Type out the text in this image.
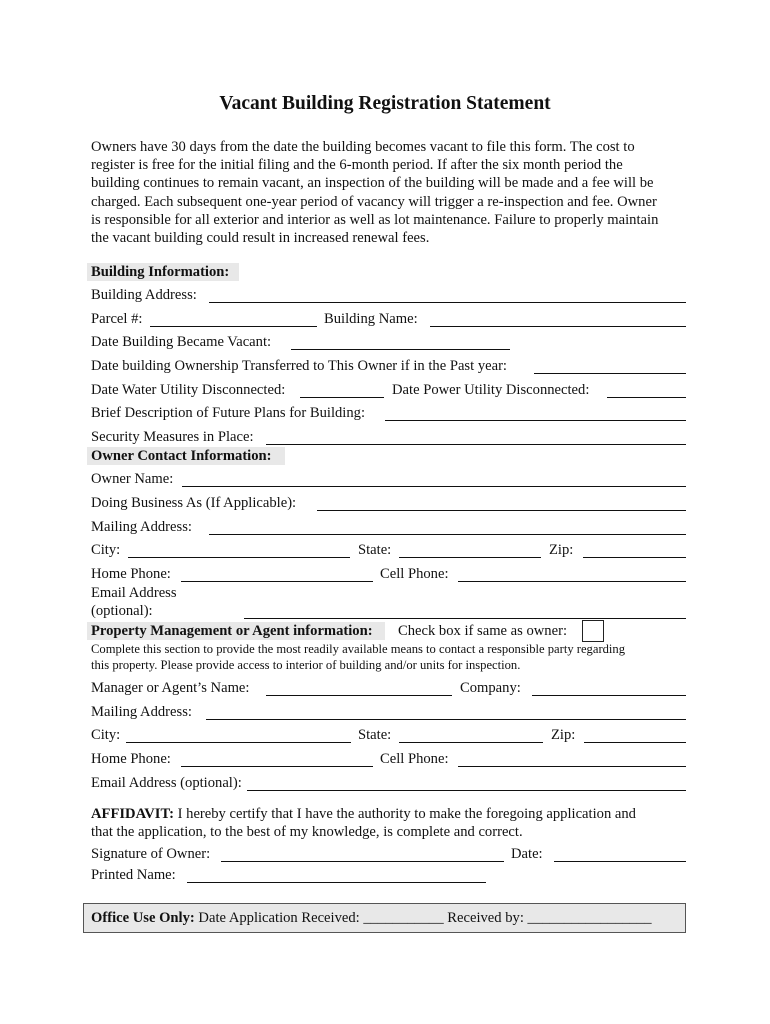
Vacant Building Registration Statement

Owners have 30 days from the date the building becomes vacant to file this form. The cost to

register is free for the initial filing and the 6-month period. If after the six month period the

building continues to remain vacant, an inspection of the building will be made and a fee will be

charged. Each subsequent one-year period of vacancy will trigger a re-inspection and fee. Owner

is responsible for all exterior and interior as well as lot maintenance. Failure to properly maintain

the vacant building could result in increased renewal fees.

Building Information:
Building Address:
Parcel #:	Building Name:
Date Building Became Vacant:
Date building Ownership Transferred to This Owner if in the Past year:
Date Water Utility Disconnected:	Date Power Utility Disconnected:
Brief Description of Future Plans for Building:
Security Measures in Place:
Owner Contact Information:
Owner Name:
Doing Business As (If Applicable):
Mailing Address:
City:	State:	Zip:
Home Phone:	Cell Phone:
Email Address
(optional):
Property Management or Agent information: Check box if same as owner:
Complete this section to provide the most readily available means to contact a responsible party regarding
this property. Please provide access to interior of building and/or units for inspection.
Manager or Agent’s Name:	Company:
Mailing Address:
City:	State:	Zip:
Home Phone:	Cell Phone:
Email Address (optional):
AFFIDAVIT: I hereby certify that I have the authority to make the foregoing application and
that the application, to the best of my knowledge, is complete and correct.
Signature of Owner:	Date:
Printed Name:
Office Use Only: Date Application Received: ___________ Received by: _________________
